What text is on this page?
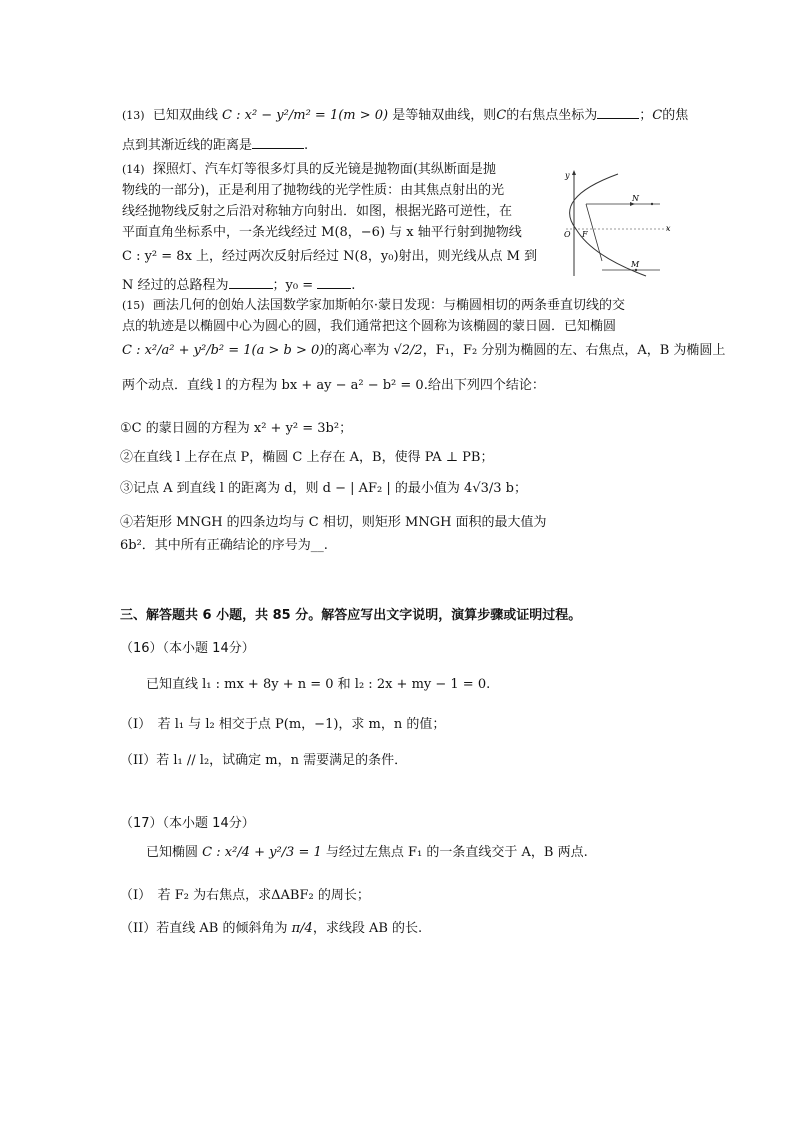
(13) 已知双曲线 C : x² − y²/m² = 1(m > 0) 是等轴双曲线，则C的右焦点坐标为	；C的焦
点到其渐近线的距离是	.
(14) 探照灯、汽车灯等很多灯具的反光镜是抛物面(其纵断面是抛
物线的一部分)，正是利用了抛物线的光学性质：由其焦点射出的光
线经抛物线反射之后沿对称轴方向射出．如图，根据光路可逆性，在
平面直角坐标系中，一条光线经过 M(8，−6) 与 x 轴平行射到抛物线
C : y² = 8x 上，经过两次反射后经过 N(8，y₀)射出，则光线从点 M 到
N 经过的总路程为	；y₀ =	.
y
x
O F
N
M
(15) 画法几何的创始人法国数学家加斯帕尔·蒙日发现：与椭圆相切的两条垂直切线的交
点的轨迹是以椭圆中心为圆心的圆，我们通常把这个圆称为该椭圆的蒙日圆．已知椭圆
C : x²/a² + y²/b² = 1(a > b > 0)的离心率为 √2/2，F₁，F₂ 分别为椭圆的左、右焦点，A，B 为椭圆上
两个动点．直线 l 的方程为 bx + ay − a² − b² = 0.给出下列四个结论：
①C 的蒙日圆的方程为 x² + y² = 3b²；
②在直线 l 上存在点 P，椭圆 C 上存在 A，B，使得 PA ⊥ PB；
③记点 A 到直线 l 的距离为 d，则 d − | AF₂ | 的最小值为 4√3/3 b；
④若矩形 MNGH 的四条边均与 C 相切，则矩形 MNGH 面积的最大值为
6b²．其中所有正确结论的序号为__.
三、解答题共 6 小题，共 85 分。解答应写出文字说明，演算步骤或证明过程。
（16）（本小题 14分）
已知直线 l₁ : mx + 8y + n = 0 和 l₂ : 2x + my − 1 = 0.
（I）　若 l₁ 与 l₂ 相交于点 P(m，−1)，求 m，n 的值；
（II）若 l₁ // l₂，试确定 m，n 需要满足的条件．
（17）（本小题 14分）
已知椭圆 C : x²/4 + y²/3 = 1 与经过左焦点 F₁ 的一条直线交于 A，B 两点.
（I）　若 F₂ 为右焦点，求ΔABF₂ 的周长；
（II）若直线 AB 的倾斜角为 π/4，求线段 AB 的长.
